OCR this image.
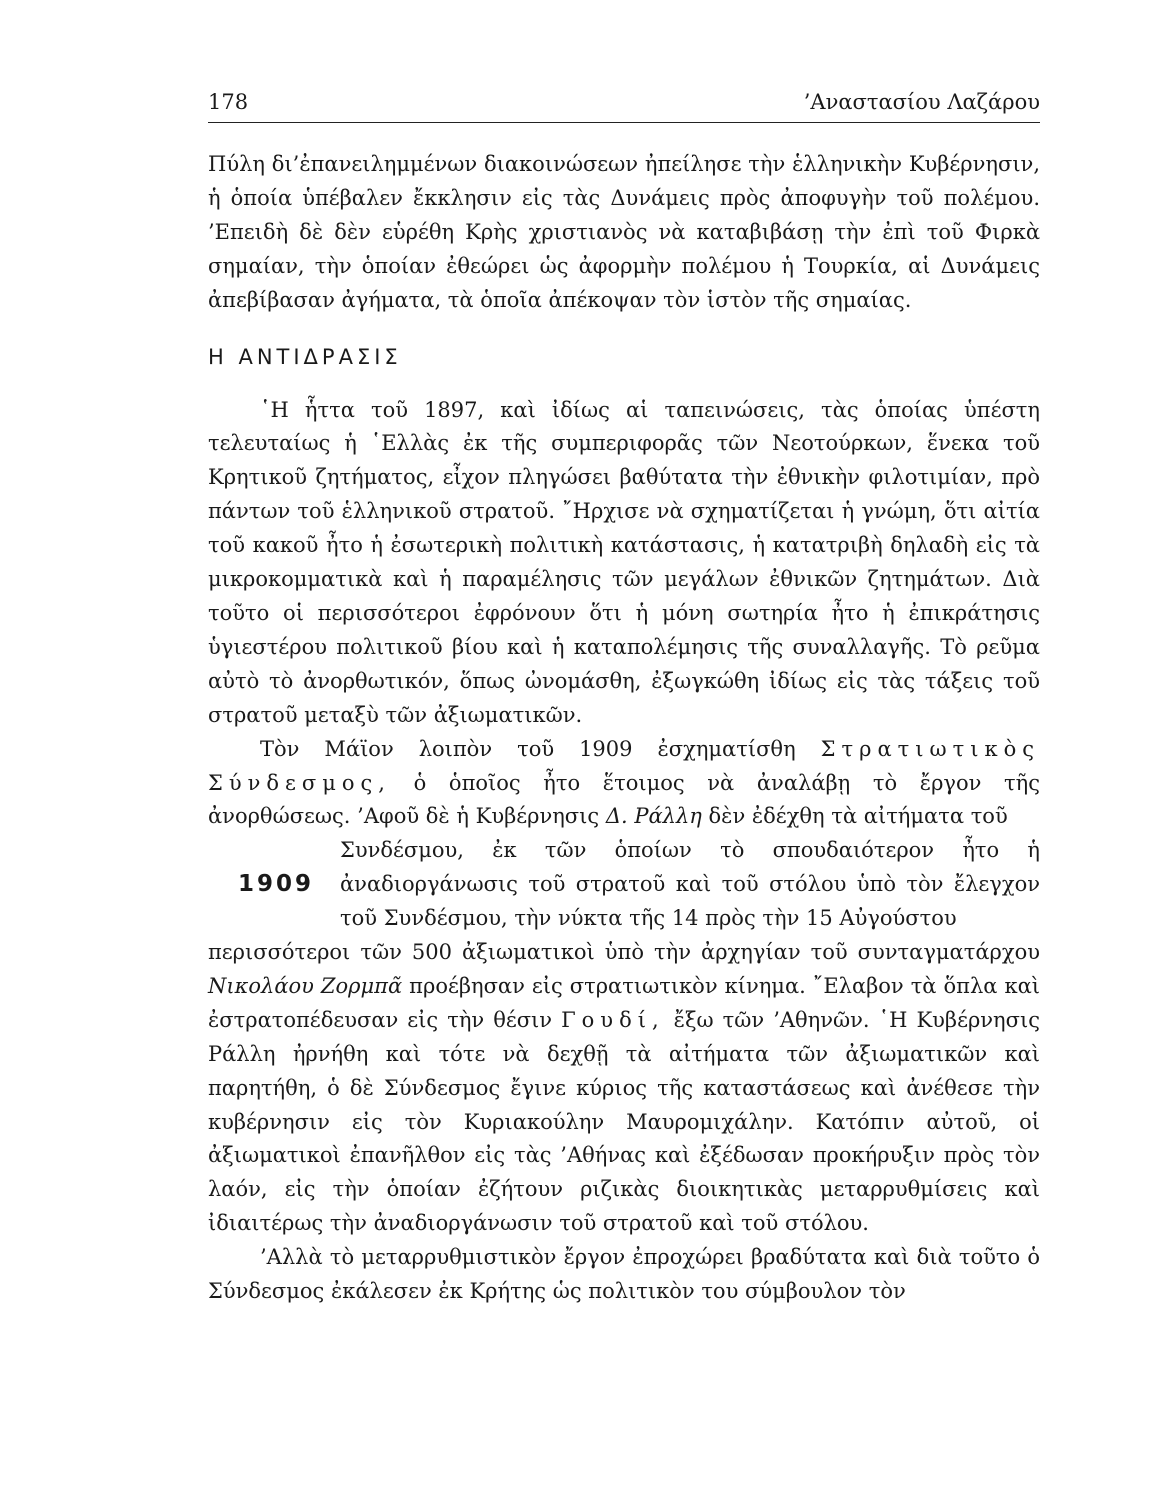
178	’Αναστασίου Λαζάρου

Πύλη δι’ἐπανειλημμένων διακοινώσεων ἠπείλησε τὴν ἑλληνικὴν Κυβέρνησιν, ἡ ὁποία ὑπέβαλεν ἔκκλησιν εἰς τὰς Δυνάμεις πρὸς ἀποφυγὴν τοῦ πολέμου. ’Επειδὴ δὲ δὲν εὑρέθη Κρὴς χριστιανὸς νὰ καταβιβάσῃ τὴν ἐπὶ τοῦ Φιρκὰ σημαίαν, τὴν ὁποίαν ἐθεώρει ὡς ἀφορμὴν πολέμου ἡ Τουρκία, αἱ Δυνάμεις ἀπεβίβασαν ἀγήματα, τὰ ὁποῖα ἀπέκοψαν τὸν ἱστὸν τῆς σημαίας.

Η ΑΝΤΙΔΡΑΣΙΣ

῾Η ἧττα τοῦ 1897, καὶ ἰδίως αἱ ταπεινώσεις, τὰς ὁποίας ὑπέστη τελευταίως ἡ ῾Ελλὰς ἐκ τῆς συμπεριφορᾶς τῶν Νεοτούρκων, ἕνεκα τοῦ Κρητικοῦ ζητήματος, εἶχον πληγώσει βαθύτατα τὴν ἐθνικὴν φιλοτιμίαν, πρὸ πάντων τοῦ ἑλληνικοῦ στρατοῦ. ῎Ηρχισε νὰ σχηματίζεται ἡ γνώμη, ὅτι αἰτία τοῦ κακοῦ ἦτο ἡ ἐσωτερικὴ πολιτικὴ κατάστασις, ἡ κατατριβὴ δηλαδὴ εἰς τὰ μικροκομματικὰ καὶ ἡ παραμέλησις τῶν μεγάλων ἐθνικῶν ζητημάτων. Διὰ τοῦτο οἱ περισσότεροι ἐφρόνουν ὅτι ἡ μόνη σωτηρία ἦτο ἡ ἐπικράτησις ὑγιεστέρου πολιτικοῦ βίου καὶ ἡ καταπολέμησις τῆς συναλλαγῆς. Τὸ ρεῦμα αὐτὸ τὸ ἀνορθωτικόν, ὅπως ὠνομάσθη, ἐξωγκώθη ἰδίως εἰς τὰς τάξεις τοῦ στρατοῦ μεταξὺ τῶν ἀξιωματικῶν.

Τὸν Μάϊον λοιπὸν τοῦ 1909 ἐσχηματίσθη Στρατιωτικὸς Σύνδεσμος, ὁ ὁποῖος ἦτο ἕτοιμος νὰ ἀναλάβῃ τὸ ἔργον τῆς ἀνορθώσεως. ’Αφοῦ δὲ ἡ Κυβέρνησις Δ. Ράλλη δὲν ἐδέχθη τὰ αἰτήματα τοῦ

1909

Συνδέσμου, ἐκ τῶν ὁποίων τὸ σπουδαιότερον ἦτο ἡ ἀναδιοργάνωσις τοῦ στρατοῦ καὶ τοῦ στόλου ὑπὸ τὸν ἔλεγχον τοῦ Συνδέσμου, τὴν νύκτα τῆς 14 πρὸς τὴν 15 Αὐγούστου

περισσότεροι τῶν 500 ἀξιωματικοὶ ὑπὸ τὴν ἀρχηγίαν τοῦ συνταγματάρχου Νικολάου Ζορμπᾶ προέβησαν εἰς στρατιωτικὸν κίνημα. ῎Ελαβον τὰ ὅπλα καὶ ἐστρατοπέδευσαν εἰς τὴν θέσιν Γουδί, ἔξω τῶν ’Αθηνῶν. ῾Η Κυβέρνησις Ράλλη ἠρνήθη καὶ τότε νὰ δεχθῇ τὰ αἰτήματα τῶν ἀξιωματικῶν καὶ παρητήθη, ὁ δὲ Σύνδεσμος ἔγινε κύριος τῆς καταστάσεως καὶ ἀνέθεσε τὴν κυβέρνησιν εἰς τὸν Κυριακούλην Μαυρομιχάλην. Κατόπιν αὐτοῦ, οἱ ἀξιωματικοὶ ἐπανῆλθον εἰς τὰς ’Αθήνας καὶ ἐξέδωσαν προκήρυξιν πρὸς τὸν λαόν, εἰς τὴν ὁποίαν ἐζήτουν ριζικὰς διοικητικὰς μεταρρυθμίσεις καὶ ἰδιαιτέρως τὴν ἀναδιοργάνωσιν τοῦ στρατοῦ καὶ τοῦ στόλου.

’Αλλὰ τὸ μεταρρυθμιστικὸν ἔργον ἐπροχώρει βραδύτατα καὶ διὰ τοῦτο ὁ Σύνδεσμος ἐκάλεσεν ἐκ Κρήτης ὡς πολιτικὸν του σύμβουλον τὸν
